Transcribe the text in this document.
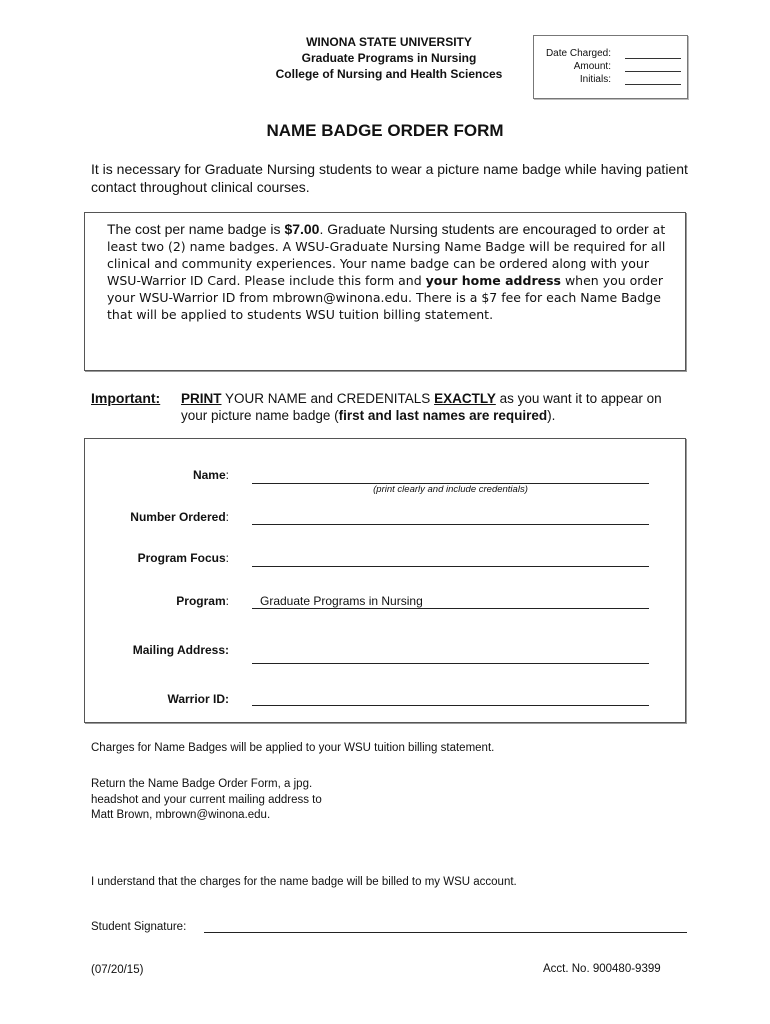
WINONA STATE UNIVERSITY
Graduate Programs in Nursing
College of Nursing and Health Sciences
Date Charged:
Amount:
Initials:
NAME BADGE ORDER FORM
It is necessary for Graduate Nursing students to wear a picture name badge while having patient contact throughout clinical courses.
The cost per name badge is $7.00. Graduate Nursing students are encouraged to order at least two (2) name badges. A WSU-Graduate Nursing Name Badge will be required for all clinical and community experiences. Your name badge can be ordered along with your WSU-Warrior ID Card. Please include this form and your home address when you order your WSU-Warrior ID from mbrown@winona.edu. There is a $7 fee for each Name Badge that will be applied to students WSU tuition billing statement.
Important: PRINT YOUR NAME and CREDENITALS EXACTLY as you want it to appear on your picture name badge (first and last names are required).
Name:
(print clearly and include credentials)
Number Ordered:
Program Focus:
Program:	Graduate Programs in Nursing
Mailing Address:
Warrior ID:
Charges for Name Badges will be applied to your WSU tuition billing statement.
Return the Name Badge Order Form, a jpg.
headshot and your current mailing address to
Matt Brown, mbrown@winona.edu.
I understand that the charges for the name badge will be billed to my WSU account.
Student Signature:
(07/20/15)	Acct. No. 900480-9399
